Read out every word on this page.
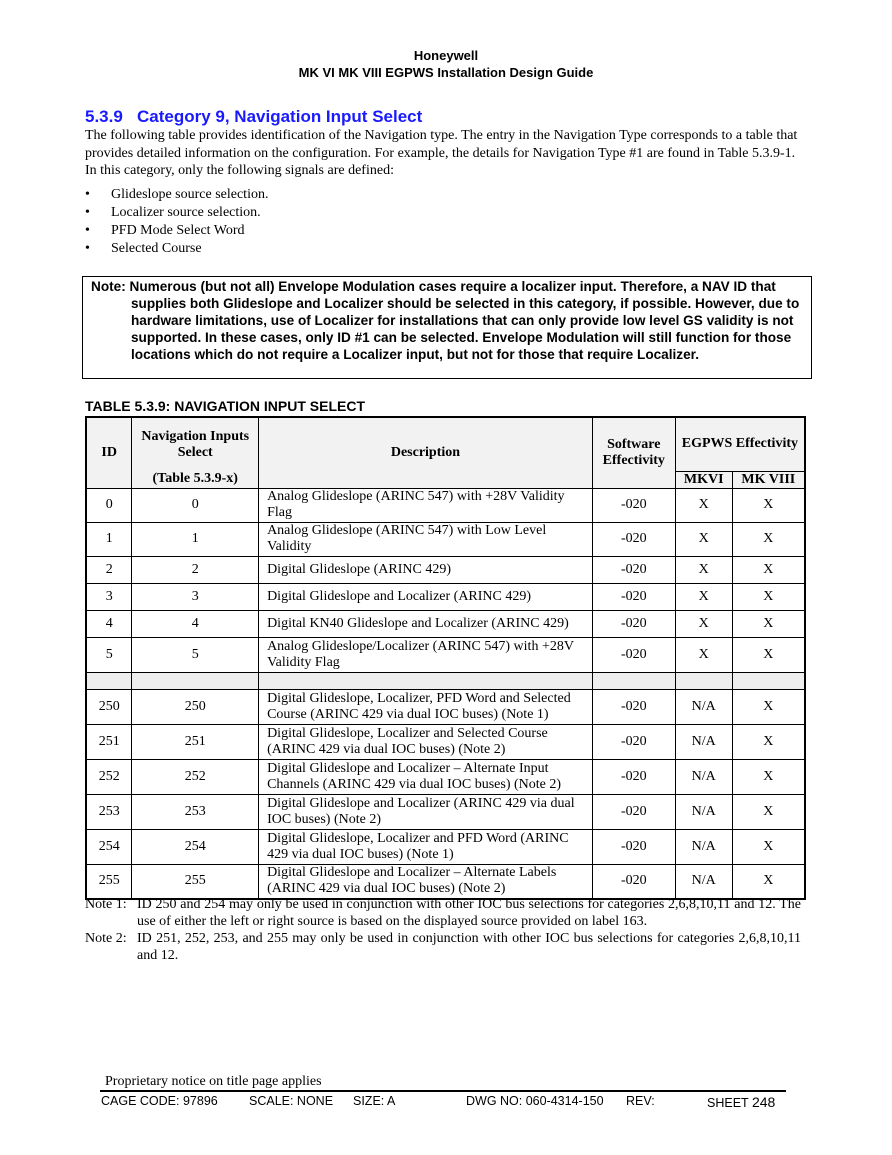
Honeywell
MK VI MK VIII EGPWS Installation Design Guide
5.3.9 Category 9, Navigation Input Select
The following table provides identification of the Navigation type. The entry in the Navigation Type corresponds to a table that provides detailed information on the configuration. For example, the details for Navigation Type #1 are found in Table 5.3.9-1. In this category, only the following signals are defined:
• Glideslope source selection.
• Localizer source selection.
• PFD Mode Select Word
• Selected Course

Note: Numerous (but not all) Envelope Modulation cases require a localizer input. Therefore, a NAV ID that supplies both Glideslope and Localizer should be selected in this category, if possible. However, due to hardware limitations, use of Localizer for installations that can only provide low level GS validity is not supported. In these cases, only ID #1 can be selected. Envelope Modulation will still function for those locations which do not require a Localizer input, but not for those that require Localizer.

TABLE 5.3.9: NAVIGATION INPUT SELECT
ID	Navigation Inputs Select	Description	Software Effectivity	EGPWS Effectivity	
	(Table 5.3.9-x)			MKVI	MK VIII
0	0	Analog Glideslope (ARINC 547) with +28V Validity Flag	-020	X	X
1	1	Analog Glideslope (ARINC 547) with Low Level Validity	-020	X	X
2	2	Digital Glideslope (ARINC 429)	-020	X	X
3	3	Digital Glideslope and Localizer (ARINC 429)	-020	X	X
4	4	Digital KN40 Glideslope and Localizer (ARINC 429)	-020	X	X
5	5	Analog Glideslope/Localizer (ARINC 547) with +28V Validity Flag	-020	X	X

250	250	Digital Glideslope, Localizer, PFD Word and Selected Course (ARINC 429 via dual IOC buses) (Note 1)	-020	N/A	X
251	251	Digital Glideslope, Localizer and Selected Course (ARINC 429 via dual IOC buses) (Note 2)	-020	N/A	X
252	252	Digital Glideslope and Localizer – Alternate Input Channels (ARINC 429 via dual IOC buses) (Note 2)	-020	N/A	X
253	253	Digital Glideslope and Localizer (ARINC 429 via dual IOC buses) (Note 2)	-020	N/A	X
254	254	Digital Glideslope, Localizer and PFD Word (ARINC 429 via dual IOC buses) (Note 1)	-020	N/A	X
255	255	Digital Glideslope and Localizer – Alternate Labels (ARINC 429 via dual IOC buses) (Note 2)	-020	N/A	X
Note 1: ID 250 and 254 may only be used in conjunction with other IOC bus selections for categories 2,6,8,10,11 and 12. The use of either the left or right source is based on the displayed source provided on label 163.
Note 2: ID 251, 252, 253, and 255 may only be used in conjunction with other IOC bus selections for categories 2,6,8,10,11 and 12.
Proprietary notice on title page applies
CAGE CODE: 97896	SCALE: NONE SIZE: A	DWG NO: 060-4314-150 REV:	SHEET 248
